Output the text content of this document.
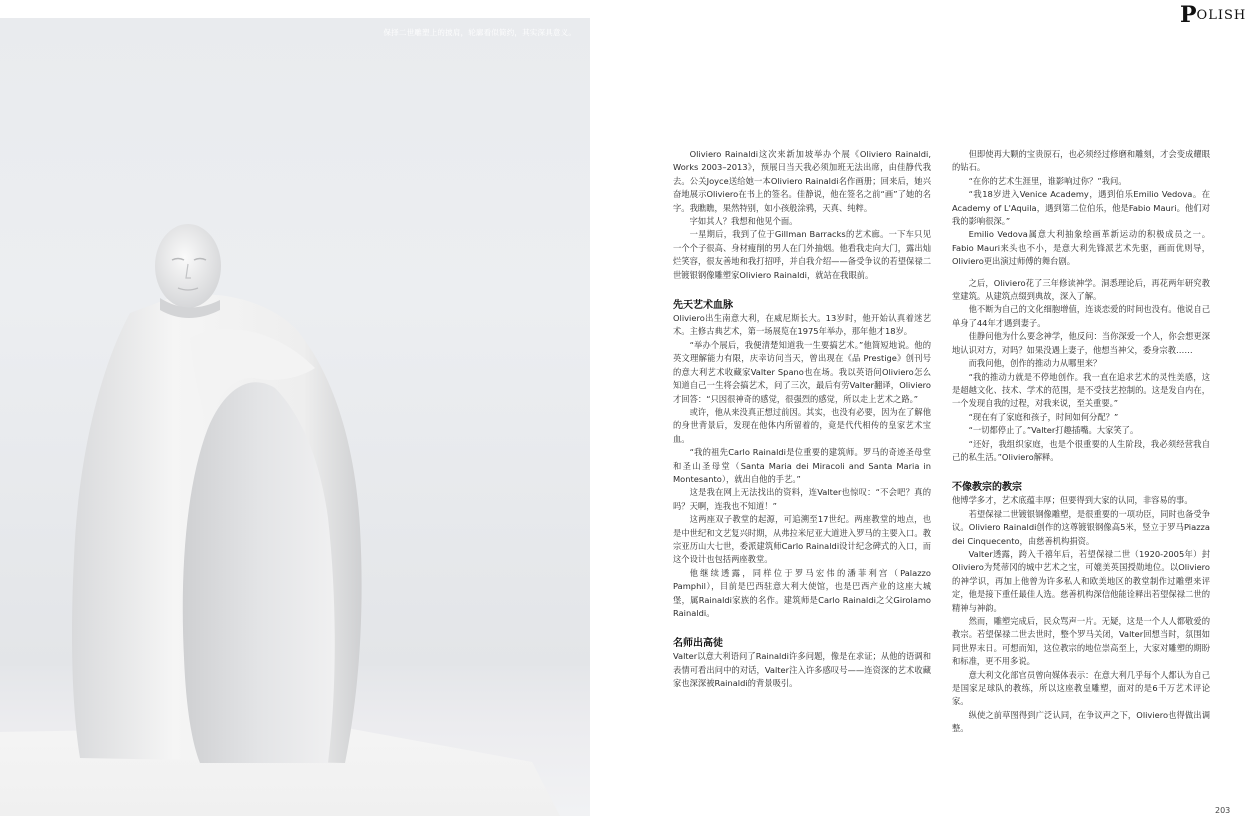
保择二世雕塑上的披肩，轮廓看似简约，其实深具意义。
POLISH

Oliviero Rainaldi这次来新加坡举办个展《Oliviero Rainaldi, Works 2003–2013》，预展日当天我必须加班无法出席，由佳静代我去。公关Joyce送给她一本Oliviero Rainaldi名作画册；回来后，她兴奋地展示Oliviero在书上的签名。佳静说，他在签名之前“画”了她的名字。我瞧瞧，果然特别，如小孩般涂鸦，天真、纯粹。

字如其人？我想和他见个面。

一星期后，我到了位于Gillman Barracks的艺术廊。一下车只见一个个子很高、身材瘦削的男人在门外抽烟。他看我走向大门，露出灿烂笑容，很友善地和我打招呼，并自我介绍——备受争议的若望保禄二世镀银钢像雕塑家Oliviero Rainaldi，就站在我眼前。

先天艺术血脉

Oliviero出生南意大利，在威尼斯长大。13岁时，他开始认真着迷艺术。主修古典艺术，第一场展览在1975年举办，那年他才18岁。

“举办个展后，我便清楚知道我一生要搞艺术。”他简短地说。他的英文理解能力有限，庆幸访问当天，曾出现在《品 Prestige》创刊号的意大利艺术收藏家Valter Spano也在场。我以英语问Oliviero怎么知道自己一生将会搞艺术，问了三次，最后有劳Valter翻译，Oliviero才回答：“只因很神奇的感觉，很强烈的感觉，所以走上艺术之路。”

或许，他从来没真正想过前因。其实，也没有必要，因为在了解他的身世背景后，发现在他体内所留着的，竟是代代相传的皇家艺术宝血。

“我的祖先Carlo Rainaldi是位重要的建筑师。罗马的奇迹圣母堂和圣山圣母堂（Santa Maria dei Miracoli and Santa Maria in Montesanto），就出自他的手艺。”

这是我在网上无法找出的资料，连Valter也惊叹：“不会吧？真的吗？天啊，连我也不知道！”

这两座双子教堂的起源，可追溯至17世纪。两座教堂的地点，也是中世纪和文艺复兴时期，从弗拉米尼亚大道进入罗马的主要入口。教宗亚历山大七世，委派建筑师Carlo Rainaldi设计纪念碑式的入口，而这个设计也包括两座教堂。

他继续透露，同样位于罗马宏伟的潘菲利宫（Palazzo Pamphil），目前是巴西驻意大利大使馆，也是巴西产业的这座大城堡，属Rainaldi家族的名作。建筑师是Carlo Rainaldi之父Girolamo Rainaldi。

名师出高徒

Valter以意大利语问了Rainaldi许多问题，像是在求证；从他的语调和表情可看出问中的对话，Valter注入许多感叹号——连资深的艺术收藏家也深深被Rainaldi的背景吸引。

但即使再大颗的宝贵原石，也必须经过修磨和雕刻，才会变成耀眼的钻石。

“在你的艺术生涯里，谁影响过你？”我问。

“我18岁进入Venice Academy，遇到伯乐Emilio Vedova。在Academy of L'Aquila，遇到第二位伯乐，他是Fabio Mauri。他们对我的影响很深。”

Emilio Vedova属意大利抽象绘画革新运动的积极成员之一。Fabio Mauri来头也不小，是意大利先锋派艺术先驱，画而优则导，Oliviero更出演过师傅的舞台剧。

之后，Oliviero花了三年修读神学。洞悉理论后，再花两年研究教堂建筑。从建筑点缀到典故，深入了解。

他不断为自己的文化细胞增值，连谈恋爱的时间也没有。他说自己单身了44年才遇到妻子。

佳静问他为什么要念神学，他反问：当你深爱一个人，你会想更深地认识对方，对吗？如果没遇上妻子，他想当神父，委身宗教……

而我问他，创作的推动力从哪里来？

“我的推动力就是不停地创作。我一直在追求艺术的灵性美感，这是超越文化、技术、学术的范围，是不受技艺控制的。这是发自内在，一个发现自我的过程，对我来说，至关重要。”

“现在有了家庭和孩子，时间如何分配？”

“一切都停止了。”Valter打趣插嘴。大家笑了。

“还好，我组织家庭，也是个很重要的人生阶段，我必须经营我自己的私生活。”Oliviero解释。

不像教宗的教宗

他博学多才，艺术底蕴丰厚；但要得到大家的认同，非容易的事。

若望保禄二世镀银钢像雕塑，是很重要的一项功臣，同时也备受争议。Oliviero Rainaldi创作的这尊镀银钢像高5米，竖立于罗马Piazza dei Cinquecento，由慈善机构捐资。

Valter透露，跨入千禧年后，若望保禄二世（1920-2005年）封Oliviero为梵蒂冈的城中艺术之宝，可媲美英国授勋地位。以Oliviero的神学识，再加上他曾为许多私人和欧美地区的教堂制作过雕塑来评定，他是接下重任最佳人选。慈善机构深信他能诠释出若望保禄二世的精神与神韵。

然而，雕塑完成后，民众骂声一片。无疑，这是一个人人都敬爱的教宗。若望保禄二世去世时，整个罗马关闭，Valter回想当时，氛围如同世界末日。可想而知，这位教宗的地位崇高至上，大家对雕塑的期盼和标准，更不用多说。

意大利文化部官员曾向媒体表示：在意大利几乎每个人都认为自己是国家足球队的教练，所以这座教皇雕塑，面对的是6千万艺术评论家。

纵使之前草图得到广泛认同，在争议声之下，Oliviero也得做出调整。

203
